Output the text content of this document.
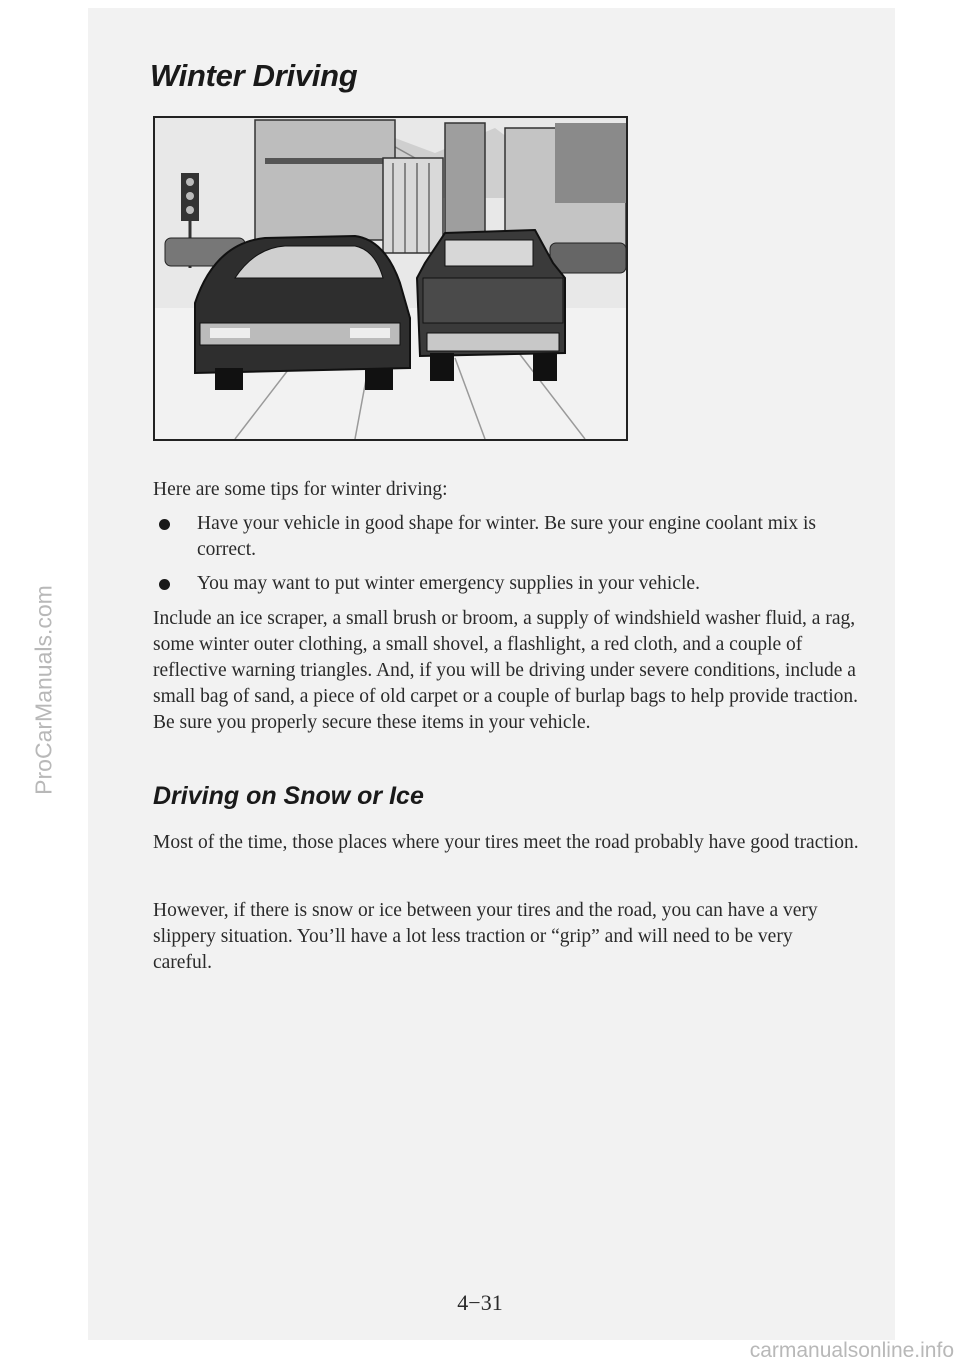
ProCarManuals.com
carmanualsonline.info
Winter Driving

Here are some tips for winter driving:

Have your vehicle in good shape for winter. Be sure your engine coolant mix is correct.
You may want to put winter emergency supplies in your vehicle.

Include an ice scraper, a small brush or broom, a supply of windshield washer fluid, a rag, some winter outer clothing, a small shovel, a flashlight, a red cloth, and a couple of reflective warning triangles. And, if you will be driving under severe conditions, include a small bag of sand, a piece of old carpet or a couple of burlap bags to help provide traction. Be sure you properly secure these items in your vehicle.

Driving on Snow or Ice

Most of the time, those places where your tires meet the road probably have good traction.

However, if there is snow or ice between your tires and the road, you can have a very slippery situation. You’ll have a lot less traction or “grip” and will need to be very careful.

4−31
